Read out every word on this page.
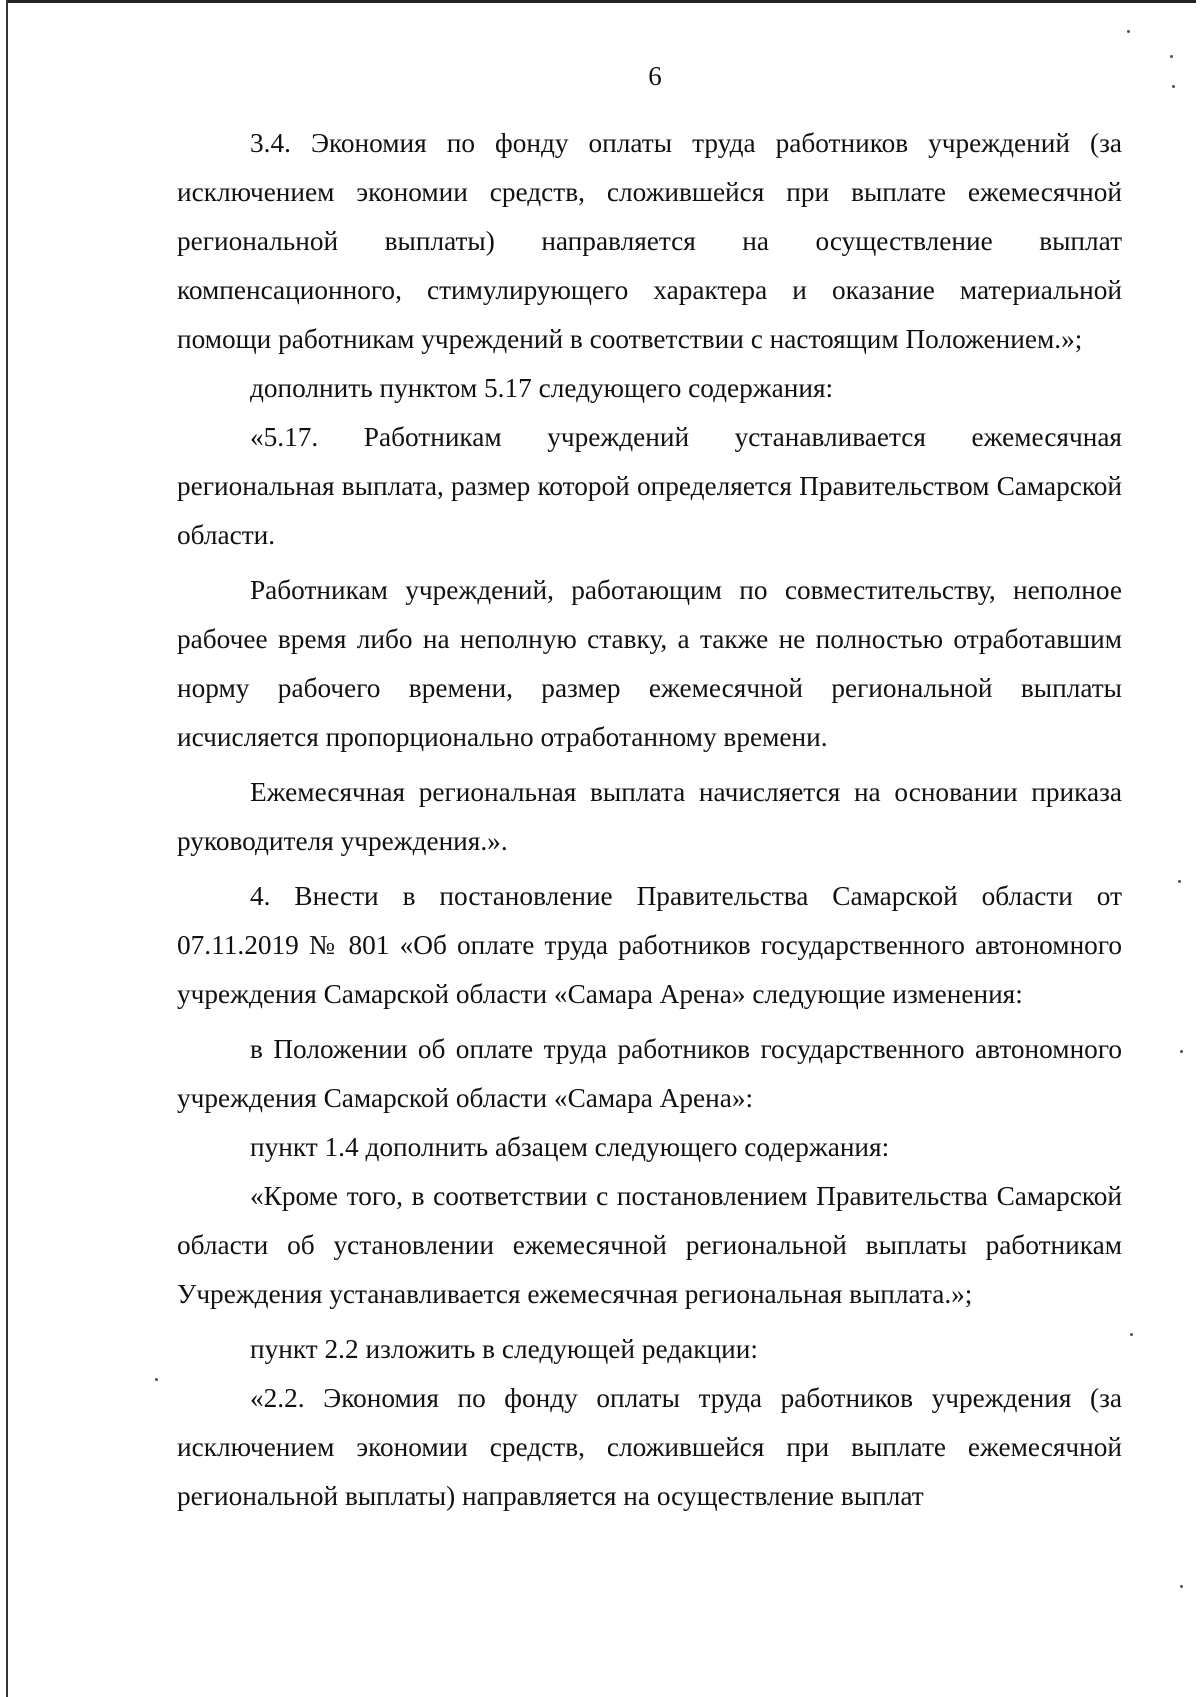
6

3.4. Экономия по фонду оплаты труда работников учреждений (за исключением экономии средств, сложившейся при выплате ежемесячной региональной выплаты) направляется на осуществление выплат компенсационного, стимулирующего характера и оказание материальной помощи работникам учреждений в соответствии с настоящим Положением.»;

дополнить пунктом 5.17 следующего содержания:

«5.17. Работникам учреждений устанавливается ежемесячная региональная выплата, размер которой определяется Правительством Самарской области.

Работникам учреждений, работающим по совместительству, неполное рабочее время либо на неполную ставку, а также не полностью отработавшим норму рабочего времени, размер ежемесячной региональной выплаты исчисляется пропорционально отработанному времени.

Ежемесячная региональная выплата начисляется на основании приказа руководителя учреждения.».

4. Внести в постановление Правительства Самарской области от 07.11.2019 № 801 «Об оплате труда работников государственного автономного учреждения Самарской области «Самара Арена» следующие изменения:

в Положении об оплате труда работников государственного автономного учреждения Самарской области «Самара Арена»:

пункт 1.4 дополнить абзацем следующего содержания:

«Кроме того, в соответствии с постановлением Правительства Самарской области об установлении ежемесячной региональной выплаты работникам Учреждения устанавливается ежемесячная региональная выплата.»;

пункт 2.2 изложить в следующей редакции:

«2.2. Экономия по фонду оплаты труда работников учреждения (за исключением экономии средств, сложившейся при выплате ежемесячной региональной выплаты) направляется на осуществление выплат
